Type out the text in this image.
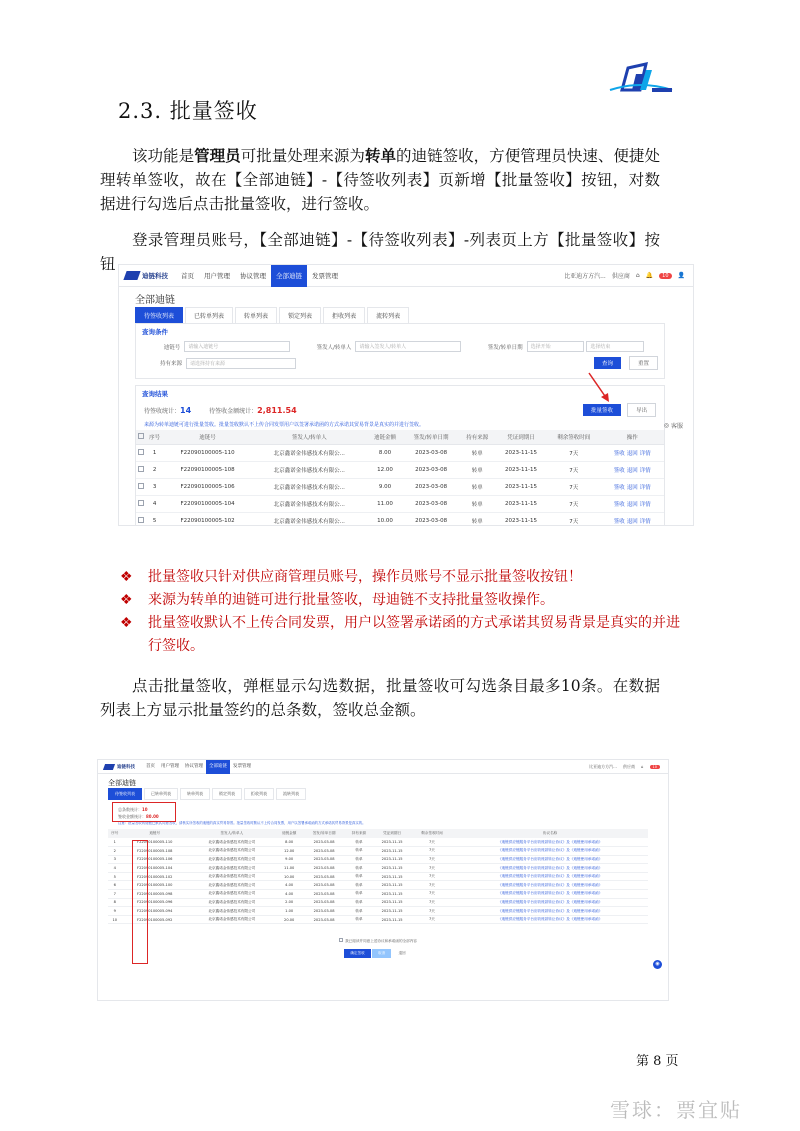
2.3. 批量签收
该功能是管理员可批量处理来源为转单的迪链签收，方便管理员快速、便捷处理转单签收，故在【全部迪链】-【待签收列表】页新增【批量签收】按钮，对数据进行勾选后点击批量签收，进行签收。
登录管理员账号，【全部迪链】-【待签收列表】-列表页上方【批量签收】按钮
迪链科技	首页	用户管理	协议管理	全部迪链	发票管理	比亚迪方方汽... 供应商 ⌂ 🔔	10	👤
全部迪链
待签收列表	已转单列表	转单列表	锁定列表	拒收列表	流转列表
查询条件
迪链号	请输入迪链号	签发人/转单人	请输入签发人/转单人	签发/转单日期	选择开始	选择结束
持有来源	请选择持有来源	查询	重置
查询结果
待签收统计： 14	待签收金额统计： 2,811.54	批量签收	导出
来源为转单迪链可进行批量签收。批量签收默认不上传合同发票用户以签署承诺函的方式承诺其贸易背景是真实的并进行签收。
	序号	迪链号	签发人/转单人	迪链金额	签发/转单日期	持有来源	凭证到期日	剩余签收时间	操作
	1	F22090100005-110	北京鑫诺金伟感技术有限公...	8.00	2023-03-08	转单	2023-11-15	7天	签收 退回 详情
	2	F22090100005-108	北京鑫诺金伟感技术有限公...	12.00	2023-03-08	转单	2023-11-15	7天	签收 退回 详情
	3	F22090100005-106	北京鑫诺金伟感技术有限公...	9.00	2023-03-08	转单	2023-11-15	7天	签收 退回 详情
	4	F22090100005-104	北京鑫诺金伟感技术有限公...	11.00	2023-03-08	转单	2023-11-15	7天	签收 退回 详情
	5	F22090100005-102	北京鑫诺金伟感技术有限公...	10.00	2023-03-08	转单	2023-11-15	7天	签收 退回 详情
◎ 客服
❖ 批量签收只针对供应商管理员账号，操作员账号不显示批量签收按钮！
❖ 来源为转单的迪链可进行批量签收，母迪链不支持批量签收操作。
❖ 批量签收默认不上传合同发票，用户以签署承诺函的方式承诺其贸易背景是真实的并进行签收。
点击批量签收，弹框显示勾选数据，批量签收可勾选条目最多10条。在数据列表上方显示批量签约的总条数，签收总金额。
迪链科技	首页	用户管理	协议管理	全部迪链	发票管理	比亚迪方方汽... 供应商 ⌂	10
全部迪链
待签收列表	已转单列表	转单列表	锁定列表	拒收列表	流转列表
总条数统计：10
签收金额统计：80.00
注意：批量签收的迪链已默认同意签收，请核实所签收的迪链的真实贸易背景。批量签收时默认不上传合同发票，用户以签署承诺函的方式承诺其贸易背景是真实的。
序号	迪链号	签发人/转单人	迪链金额	签发/转单日期	持有来源	凭证到期日	剩余签收时间	协议名称
1	F22090100005-110	北京鑫诺金伟感技术有限公司	8.00	2023-03-08	转单	2023-11-15	7天	《迪链供应链服务平台应收账款转让协议》及《迪链使用承诺函》
2	F22090100005-108	北京鑫诺金伟感技术有限公司	12.00	2023-03-08	转单	2023-11-15	7天	《迪链供应链服务平台应收账款转让协议》及《迪链使用承诺函》
3	F22090100005-106	北京鑫诺金伟感技术有限公司	9.00	2023-03-08	转单	2023-11-15	7天	《迪链供应链服务平台应收账款转让协议》及《迪链使用承诺函》
4	F22090100005-104	北京鑫诺金伟感技术有限公司	11.00	2023-03-08	转单	2023-11-15	7天	《迪链供应链服务平台应收账款转让协议》及《迪链使用承诺函》
5	F22090100005-102	北京鑫诺金伟感技术有限公司	10.00	2023-03-08	转单	2023-11-15	7天	《迪链供应链服务平台应收账款转让协议》及《迪链使用承诺函》
6	F22090100005-100	北京鑫诺金伟感技术有限公司	4.00	2023-03-08	转单	2023-11-15	7天	《迪链供应链服务平台应收账款转让协议》及《迪链使用承诺函》
7	F22090100005-098	北京鑫诺金伟感技术有限公司	4.00	2023-03-08	转单	2023-11-15	7天	《迪链供应链服务平台应收账款转让协议》及《迪链使用承诺函》
8	F22090100005-096	北京鑫诺金伟感技术有限公司	2.00	2023-03-08	转单	2023-11-15	7天	《迪链供应链服务平台应收账款转让协议》及《迪链使用承诺函》
9	F22090100005-094	北京鑫诺金伟感技术有限公司	1.00	2023-03-08	转单	2023-11-15	7天	《迪链供应链服务平台应收账款转让协议》及《迪链使用承诺函》
10	F22090100005-092	北京鑫诺金伟感技术有限公司	20.00	2023-03-08	转单	2023-11-15	7天	《迪链供应链服务平台应收账款转让协议》及《迪链使用承诺函》
我已阅读并同意上述协议和承诺函的全部内容
确定签收	取消	退回
◉
第 8 页
雪球：票宜贴
